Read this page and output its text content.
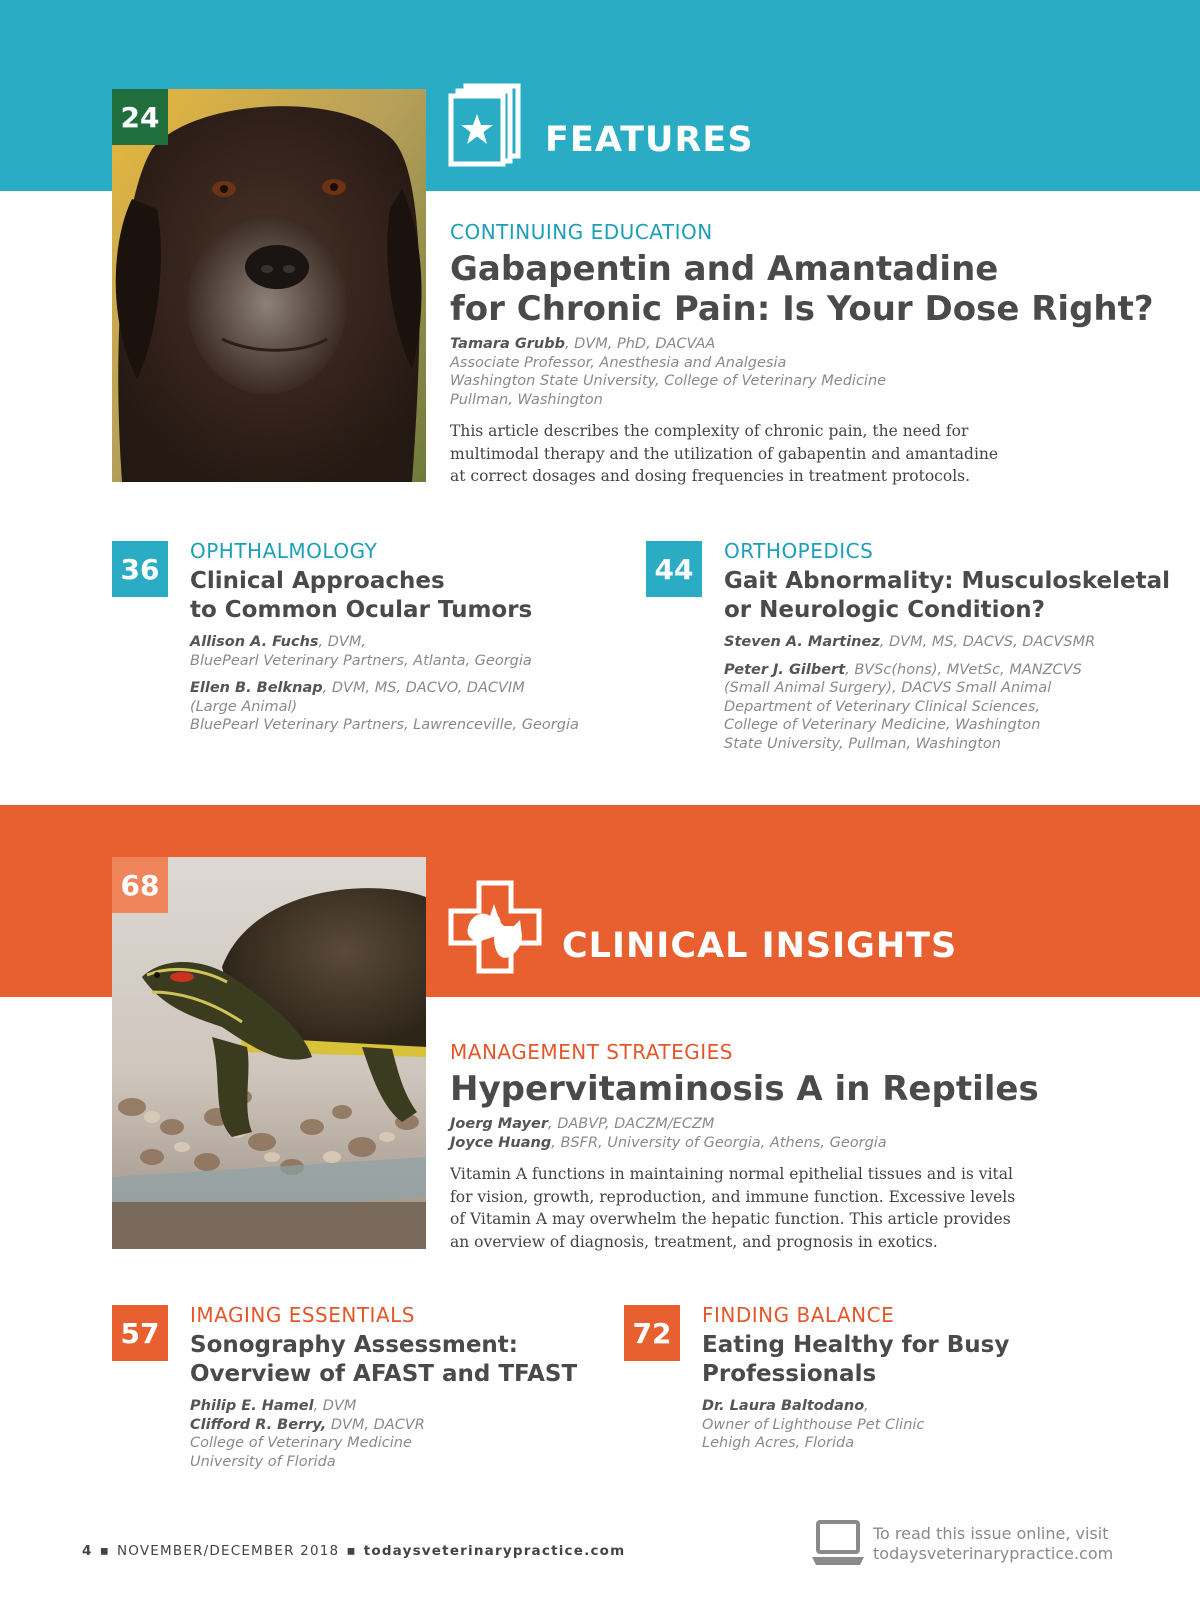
24
FEATURES
CONTINUING EDUCATION
Gabapentin and Amantadine
for Chronic Pain: Is Your Dose Right?
Tamara Grubb, DVM, PhD, DACVAA
Associate Professor, Anesthesia and Analgesia
Washington State University, College of Veterinary Medicine
Pullman, Washington
This article describes the complexity of chronic pain, the need for
multimodal therapy and the utilization of gabapentin and amantadine
at correct dosages and dosing frequencies in treatment protocols.
36
OPHTHALMOLOGY
Clinical Approaches
to Common Ocular Tumors
Allison A. Fuchs, DVM,
BluePearl Veterinary Partners, Atlanta, Georgia
Ellen B. Belknap, DVM, MS, DACVO, DACVIM
(Large Animal)
BluePearl Veterinary Partners, Lawrenceville, Georgia
44
ORTHOPEDICS
Gait Abnormality: Musculoskeletal
or Neurologic Condition?
Steven A. Martinez, DVM, MS, DACVS, DACVSMR
Peter J. Gilbert, BVSc(hons), MVetSc, MANZCVS
(Small Animal Surgery), DACVS Small Animal
Department of Veterinary Clinical Sciences,
College of Veterinary Medicine, Washington
State University, Pullman, Washington
68
CLINICAL INSIGHTS
MANAGEMENT STRATEGIES
Hypervitaminosis A in Reptiles
Joerg Mayer, DABVP, DACZM/ECZM
Joyce Huang, BSFR, University of Georgia, Athens, Georgia
Vitamin A functions in maintaining normal epithelial tissues and is vital
for vision, growth, reproduction, and immune function. Excessive levels
of Vitamin A may overwhelm the hepatic function. This article provides
an overview of diagnosis, treatment, and prognosis in exotics.
57
IMAGING ESSENTIALS
Sonography Assessment:
Overview of AFAST and TFAST
Philip E. Hamel, DVM
Clifford R. Berry, DVM, DACVR
College of Veterinary Medicine
University of Florida
72
FINDING BALANCE
Eating Healthy for Busy
Professionals
Dr. Laura Baltodano,
Owner of Lighthouse Pet Clinic
Lehigh Acres, Florida
4 ▪ NOVEMBER/DECEMBER 2018 ▪ todaysveterinarypractice.com
To read this issue online, visit
todaysveterinarypractice.com
